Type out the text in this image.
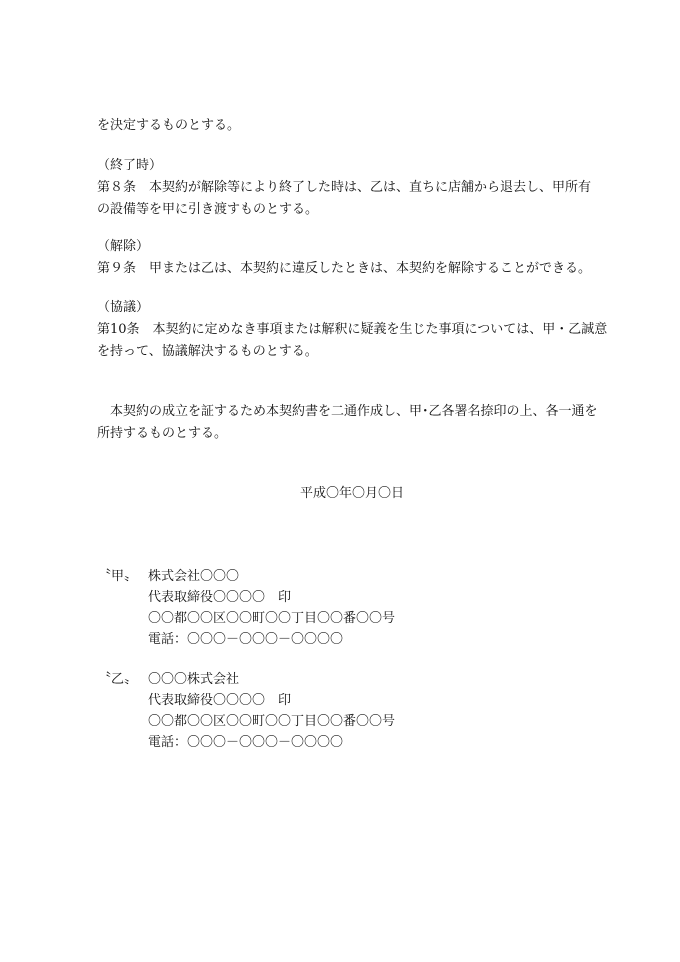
を決定するものとする。
（終了時）
第８条　本契約が解除等により終了した時は、乙は、直ちに店舗から退去し、甲所有
の設備等を甲に引き渡すものとする。
（解除）
第９条　甲または乙は、本契約に違反したときは、本契約を解除することができる。
（協議）
第10条　本契約に定めなき事項または解釈に疑義を生じた事項については、甲・乙誠意
を持って、協議解決するものとする。
　本契約の成立を証するため本契約書を二通作成し、甲･乙各署名捺印の上、各一通を
所持するものとする。
平成〇年〇月〇日
〝甲〟 株式会社〇〇〇
代表取締役〇〇〇〇　印
〇〇都〇〇区〇〇町〇〇丁目〇〇番〇〇号
電話：〇〇〇－〇〇〇－〇〇〇〇
〝乙〟 〇〇〇株式会社
代表取締役〇〇〇〇　印
〇〇都〇〇区〇〇町〇〇丁目〇〇番〇〇号
電話：〇〇〇－〇〇〇－〇〇〇〇
